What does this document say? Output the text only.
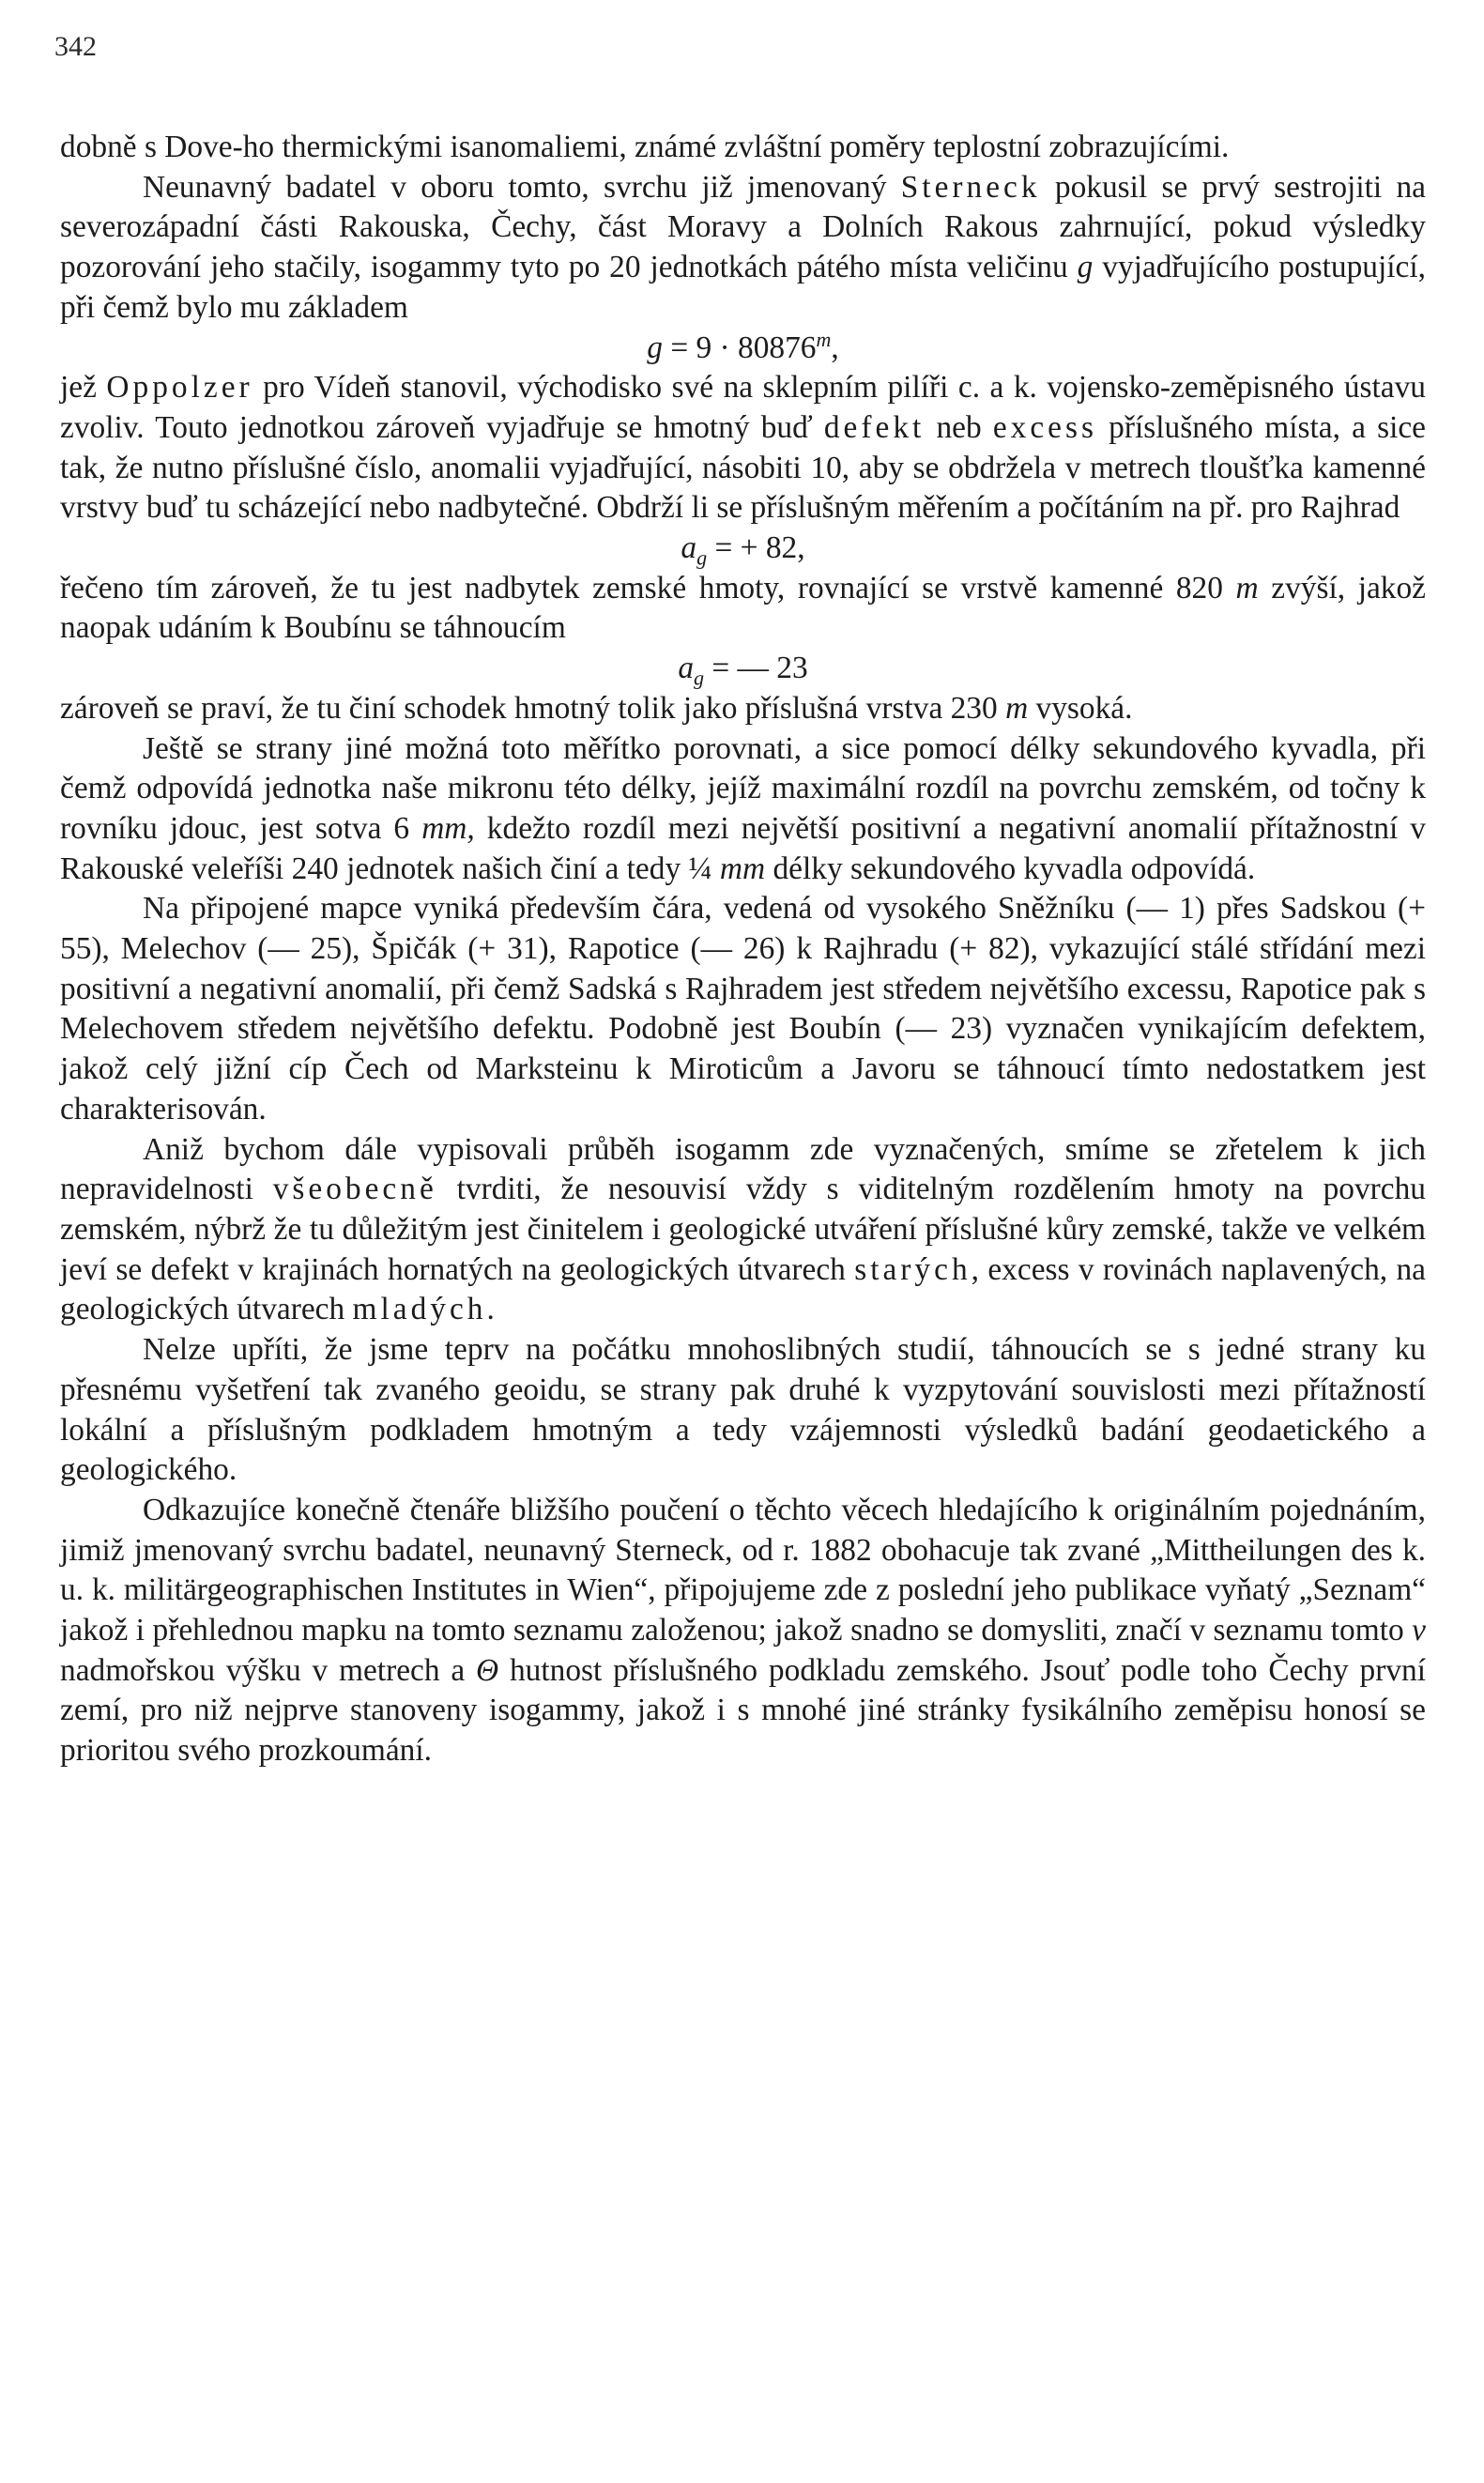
342

dobně s Dove-ho thermickými isanomaliemi, známé zvláštní poměry teplostní zobrazujícími.

Neunavný badatel v oboru tomto, svrchu již jmenovaný Sterneck pokusil se prvý sestrojiti na severozápadní části Rakouska, Čechy, část Moravy a Dolních Rakous zahrnující, pokud výsledky pozorování jeho stačily, isogammy tyto po 20 jednotkách pátého místa veličinu g vyjadřujícího postupující, při čemž bylo mu základem

$g = 9 \cdot 80876^m$,

jež Oppolzer pro Vídeň stanovil, východisko své na sklepním pilíři c. a k. vojensko-zeměpisného ústavu zvoliv. Touto jednotkou zároveň vyjadřuje se hmotný buď defekt neb excess příslušného místa, a sice tak, že nutno příslušné číslo, anomalii vyjadřující, násobiti 10, aby se obdržela v metrech tloušťka kamenné vrstvy buď tu scházející nebo nadbytečné. Obdrží li se příslušným měřením a počítáním na př. pro Rajhrad

$a_g$ = + 82,

řečeno tím zároveň, že tu jest nadbytek zemské hmoty, rovnající se vrstvě kamenné 820 m zvýší, jakož naopak udáním k Boubínu se táhnoucím

$a_g$ = — 23

zároveň se praví, že tu činí schodek hmotný tolik jako příslušná vrstva 230 m vysoká.

Ještě se strany jiné možná toto měřítko porovnati, a sice pomocí délky sekundového kyvadla, při čemž odpovídá jednotka naše mikronu této délky, jejíž maximální rozdíl na povrchu zemském, od točny k rovníku jdouc, jest sotva 6 mm, kdežto rozdíl mezi největší positivní a negativní anomalií přítažnostní v Rakouské veleříši 240 jednotek našich činí a tedy ¼ mm délky sekundového kyvadla odpovídá.

Na připojené mapce vyniká především čára, vedená od vysokého Sněžníku (— 1) přes Sadskou (+ 55), Melechov (— 25), Špičák (+ 31), Rapotice (— 26) k Rajhradu (+ 82), vykazující stálé střídání mezi positivní a negativní anomalií, při čemž Sadská s Rajhradem jest středem největšího excessu, Rapotice pak s Melechovem středem největšího defektu. Podobně jest Boubín (— 23) vyznačen vynikajícím defektem, jakož celý jižní cíp Čech od Marksteinu k Miroticům a Javoru se táhnoucí tímto nedostatkem jest charakterisován.

Aniž bychom dále vypisovali průběh isogamm zde vyznačených, smíme se zřetelem k jich nepravidelnosti všeobecně tvrditi, že nesouvisí vždy s viditelným rozdělením hmoty na povrchu zemském, nýbrž že tu důležitým jest činitelem i geologické utváření příslušné kůry zemské, takže ve velkém jeví se defekt v krajinách hornatých na geologických útvarech starých, excess v rovinách naplavených, na geologických útvarech mladých.

Nelze upříti, že jsme teprv na počátku mnohoslibných studií, táhnoucích se s jedné strany ku přesnému vyšetření tak zvaného geoidu, se strany pak druhé k vyzpytování souvislosti mezi přítažností lokální a příslušným podkladem hmotným a tedy vzájemnosti výsledků badání geodaetického a geologického.

Odkazujíce konečně čtenáře bližšího poučení o těchto věcech hledajícího k originálním pojednáním, jimiž jmenovaný svrchu badatel, neunavný Sterneck, od r. 1882 obohacuje tak zvané „Mittheilungen des k. u. k. militärgeographischen Institutes in Wien“, připojujeme zde z poslední jeho publikace vyňatý „Seznam“ jakož i přehlednou mapku na tomto seznamu založenou; jakož snadno se domysliti, značí v seznamu tomto v nadmořskou výšku v metrech a Θ hutnost příslušného podkladu zemského. Jsouť podle toho Čechy první zemí, pro niž nejprve stanoveny isogammy, jakož i s mnohé jiné stránky fysikálního zeměpisu honosí se prioritou svého prozkoumání.
